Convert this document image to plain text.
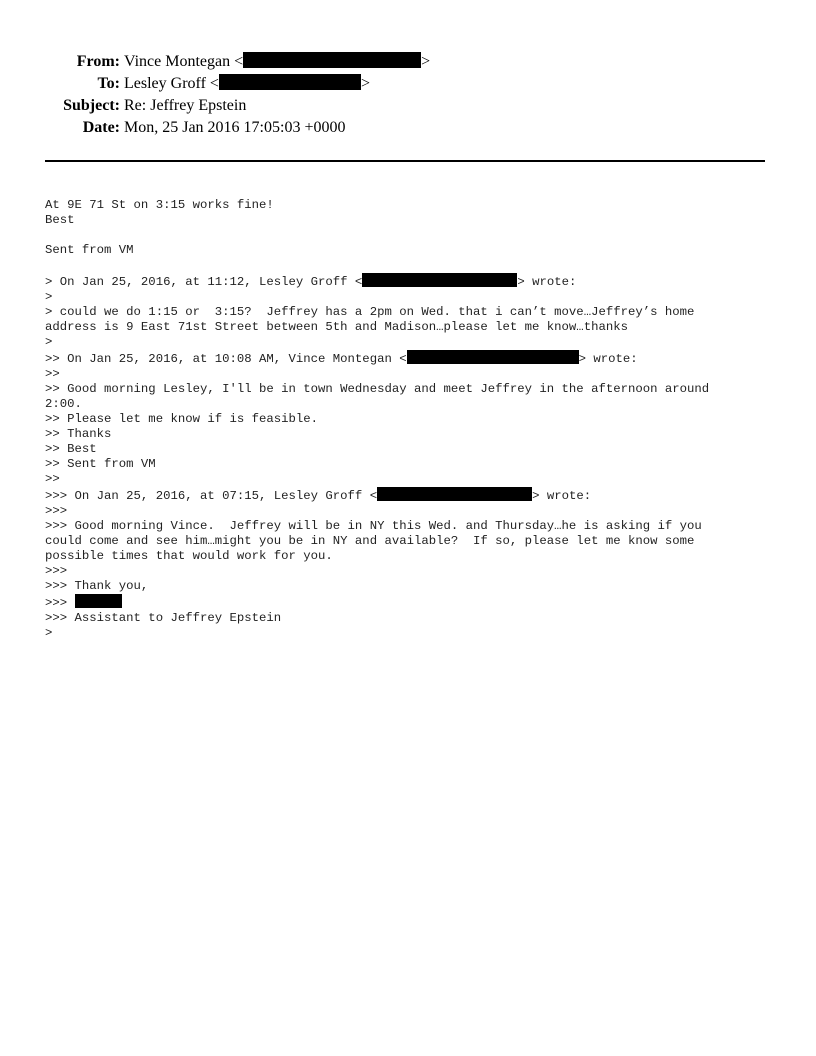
From: Vince Montegan <	>
To: Lesley Groff <	>
Subject: Re: Jeffrey Epstein
Date: Mon, 25 Jan 2016 17:05:03 +0000
At 9E 71 St on 3:15 works fine!
Best
Sent from VM
> On Jan 25, 2016, at 11:12, Lesley Groff <	> wrote:
>
> could we do 1:15 or  3:15?  Jeffrey has a 2pm on Wed. that i can’t move…Jeffrey’s home
address is 9 East 71st Street between 5th and Madison…please let me know…thanks
>
>> On Jan 25, 2016, at 10:08 AM, Vince Montegan <	> wrote:
>>
>> Good morning Lesley, I'll be in town Wednesday and meet Jeffrey in the afternoon around
2:00.
>> Please let me know if is feasible.
>> Thanks
>> Best
>> Sent from VM
>>
>>> On Jan 25, 2016, at 07:15, Lesley Groff <	> wrote:
>>>
>>> Good morning Vince.  Jeffrey will be in NY this Wed. and Thursday…he is asking if you
could come and see him…might you be in NY and available?  If so, please let me know some
possible times that would work for you.
>>>
>>> Thank you,
>>>
>>> Assistant to Jeffrey Epstein
>
